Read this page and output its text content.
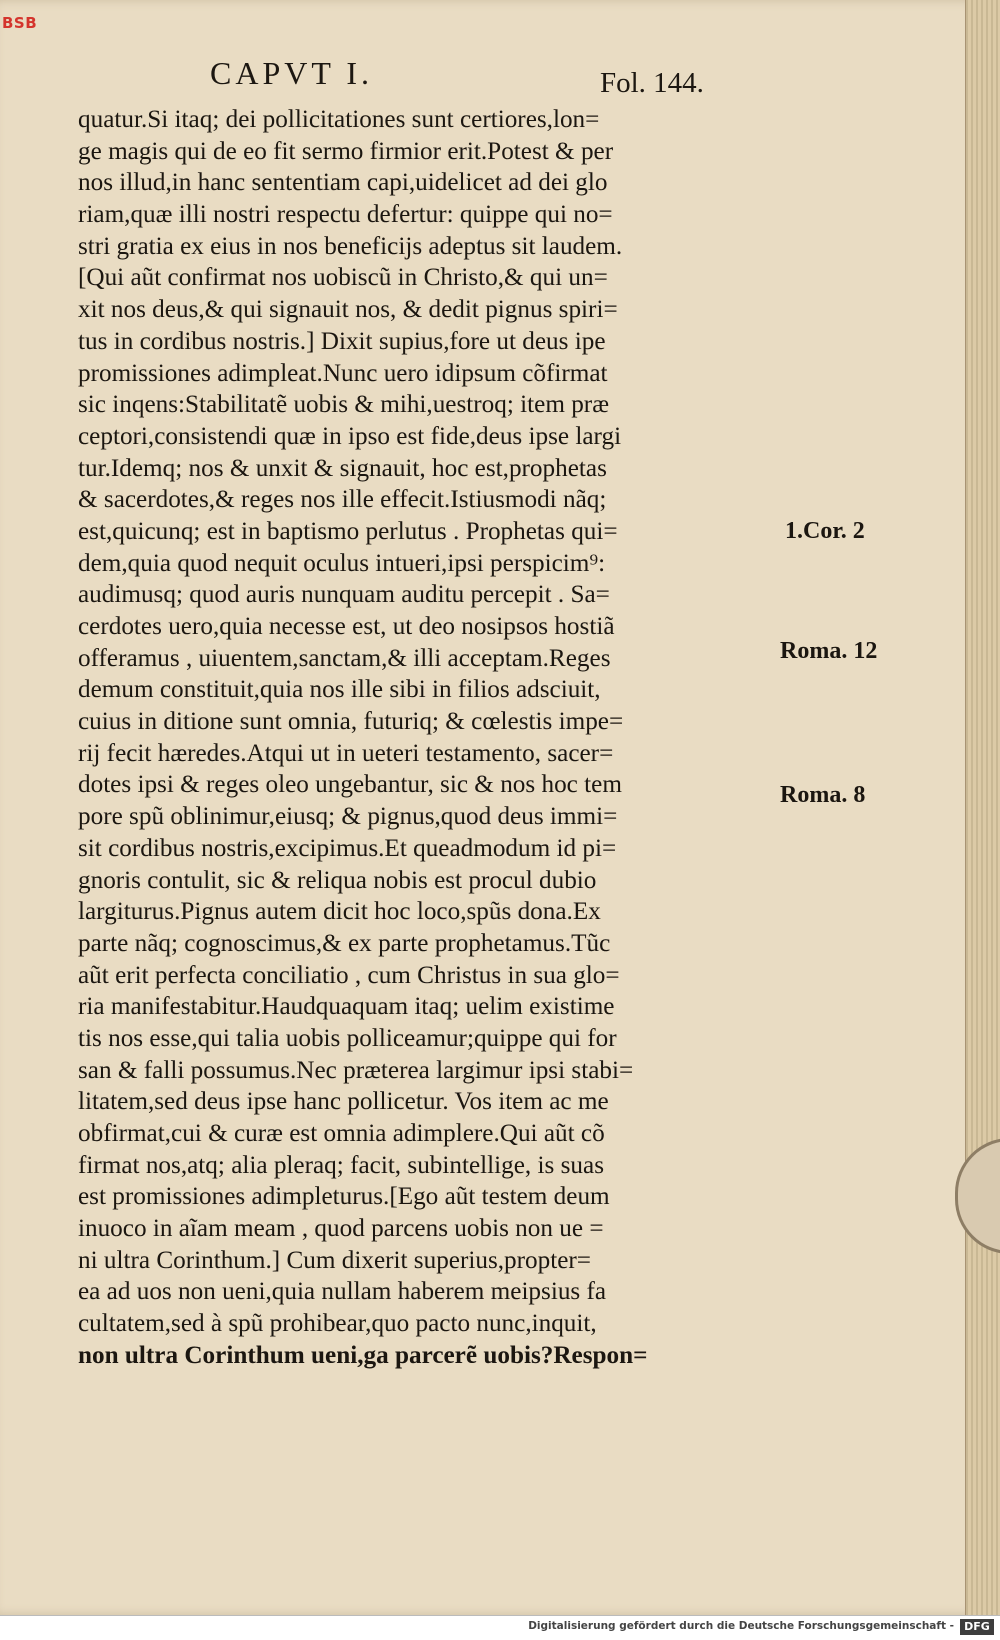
BSB
CAPVT I.	Fol. 144.
quatur.Si itaq; dei pollicitationes sunt certiores,lon=
ge magis qui de eo fit sermo firmior erit.Potest & per
nos illud,in hanc sententiam capi,uidelicet ad dei glo
riam,quæ illi nostri respectu defertur: quippe qui no=
stri gratia ex eius in nos beneficijs adeptus sit laudem.
[Qui aũt confirmat nos uobiscũ in Christo,& qui un=
xit nos deus,& qui signauit nos, & dedit pignus spiri=
tus in cordibus nostris.] Dixit supius,fore ut deus ipe
promissiones adimpleat.Nunc uero idipsum cõfirmat
sic inqens:Stabilitatẽ uobis & mihi,uestroq; item præ
ceptori,consistendi quæ in ipso est fide,deus ipse largi
tur.Idemq; nos & unxit & signauit, hoc est,prophetas
& sacerdotes,& reges nos ille effecit.Istiusmodi nãq;
est,quicunq; est in baptismo perlutus . Prophetas qui=
dem,quia quod nequit oculus intueri,ipsi perspicim⁹:
audimusq; quod auris nunquam auditu percepit . Sa=
cerdotes uero,quia necesse est, ut deo nosipsos hostiã
offeramus , uiuentem,sanctam,& illi acceptam.Reges
demum constituit,quia nos ille sibi in filios adsciuit,
cuius in ditione sunt omnia, futuriq; & cœlestis impe=
rij fecit hæredes.Atqui ut in ueteri testamento, sacer=
dotes ipsi & reges oleo ungebantur, sic & nos hoc tem
pore spũ oblinimur,eiusq; & pignus,quod deus immi=
sit cordibus nostris,excipimus.Et queadmodum id pi=
gnoris contulit, sic & reliqua nobis est procul dubio
largiturus.Pignus autem dicit hoc loco,spũs dona.Ex
parte nãq; cognoscimus,& ex parte prophetamus.Tũc
aũt erit perfecta conciliatio , cum Christus in sua glo=
ria manifestabitur.Haudquaquam itaq; uelim existime
tis nos esse,qui talia uobis polliceamur;quippe qui for
san & falli possumus.Nec præterea largimur ipsi stabi=
litatem,sed deus ipse hanc pollicetur. Vos item ac me
obfirmat,cui & curæ est omnia adimplere.Qui aũt cõ
firmat nos,atq; alia pleraq; facit, subintellige, is suas
est promissiones adimpleturus.[Ego aũt testem deum
inuoco in aĩam meam , quod parcens uobis non ue =
ni ultra Corinthum.] Cum dixerit superius,propter=
ea ad uos non ueni,quia nullam haberem meipsius fa
cultatem,sed à spũ prohibear,quo pacto nunc,inquit,
non ultra Corinthum ueni,ga parcerẽ uobis?Respon=
1.Cor. 2
Roma. 12
Roma. 8
Digitalisierung gefördert durch die Deutsche Forschungsgemeinschaft - DFG
